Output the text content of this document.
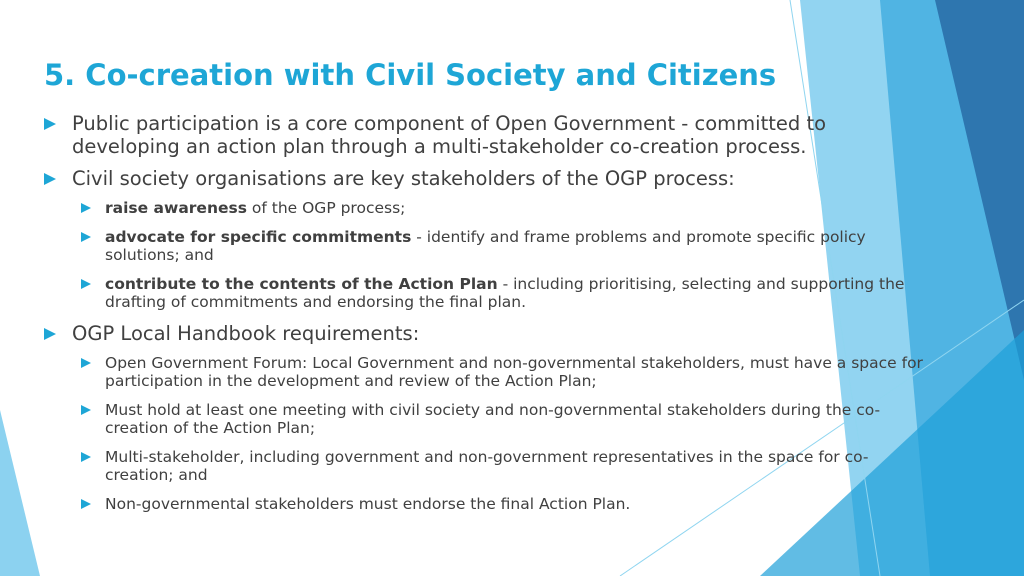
5. Co-creation with Civil Society and Citizens
Public participation is a core component of Open Government - committed to developing an action plan through a multi-stakeholder co-creation process.
Civil society organisations are key stakeholders of the OGP process:
raise awareness of the OGP process;
advocate for specific commitments - identify and frame problems and promote specific policy solutions; and
contribute to the contents of the Action Plan - including prioritising, selecting and supporting the drafting of commitments and endorsing the final plan.
OGP Local Handbook requirements:
Open Government Forum: Local Government and non-governmental stakeholders, must have a space for participation in the development and review of the Action Plan;
Must hold at least one meeting with civil society and non-governmental stakeholders during the co-creation of the Action Plan;
Multi-stakeholder, including government and non-government representatives in the space for co-creation; and
Non-governmental stakeholders must endorse the final Action Plan.
